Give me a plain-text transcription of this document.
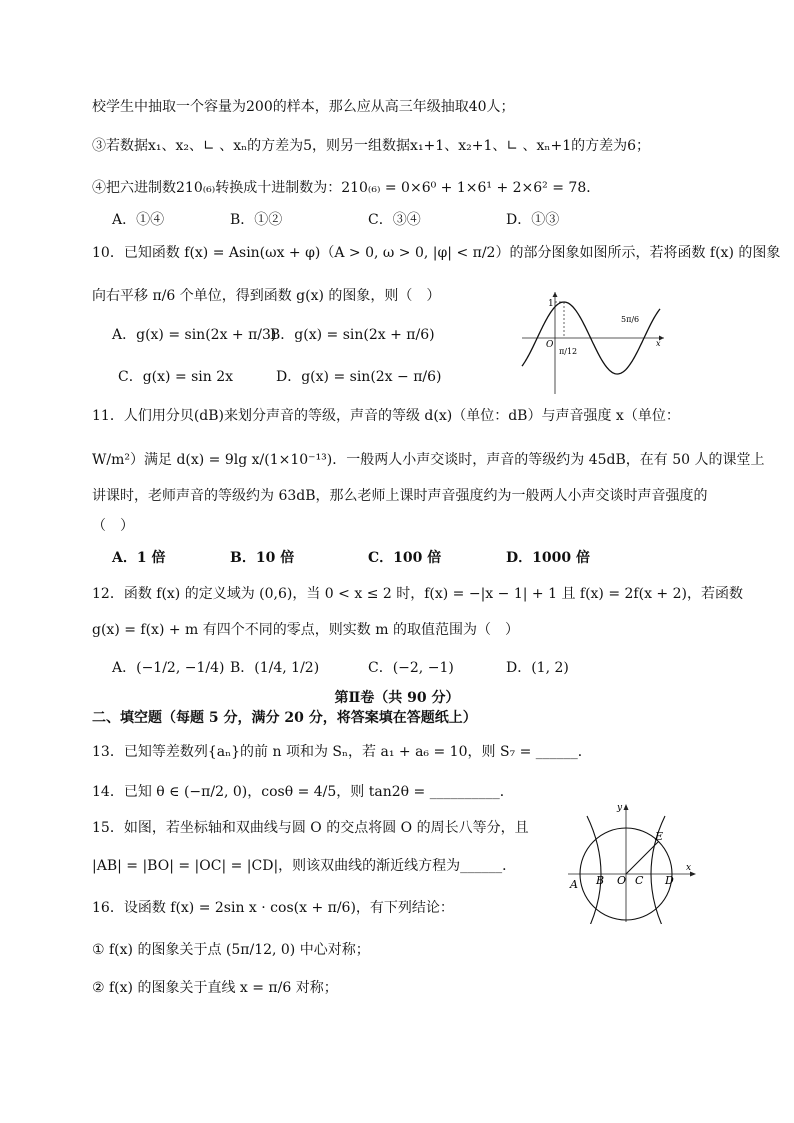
校学生中抽取一个容量为200的样本，那么应从高三年级抽取40人；
③若数据x₁、x₂、∟ 、xₙ的方差为5，则另一组数据x₁+1、x₂+1、∟ 、xₙ+1的方差为6；
④把六进制数210₍₆₎转换成十进制数为：210₍₆₎ = 0×6⁰ + 1×6¹ + 2×6² = 78．
A．①④	B．①②	C．③④	D．①③
10．已知函数 f(x) = Asin(ωx + φ)（A > 0, ω > 0, |φ| < π/2）的部分图象如图所示，若将函数 f(x) 的图象
向右平移 π/6 个单位，得到函数 g(x) 的图象，则（　）
A．g(x) = sin(2x + π/3)
B．g(x) = sin(2x + π/6)
C．g(x) = sin 2x	D．g(x) = sin(2x − π/6)
1
O	x
π/12
5π/6
11．人们用分贝(dB)来划分声音的等级，声音的等级 d(x)（单位：dB）与声音强度 x（单位：
W/m²）满足 d(x) = 9lg x/(1×10⁻¹³)．一般两人小声交谈时，声音的等级约为 45dB，在有 50 人的课堂上
讲课时，老师声音的等级约为 63dB，那么老师上课时声音强度约为一般两人小声交谈时声音强度的
（　）
A．1 倍	B．10 倍	C．100 倍	D．1000 倍
12．函数 f(x) 的定义域为 (0,6)，当 0 < x ≤ 2 时，f(x) = −|x − 1| + 1 且 f(x) = 2f(x + 2)，若函数
g(x) = f(x) + m 有四个不同的零点，则实数 m 的取值范围为（　）
A．(−1/2, −1/4) B．(1/4, 1/2)	C．(−2, −1)	D．(1, 2)
第Ⅱ卷（共 90 分）
二、填空题（每题 5 分，满分 20 分，将答案填在答题纸上）
13．已知等差数列{aₙ}的前 n 项和为 Sₙ，若 a₁ + a₆ = 10，则 S₇ = ______．
14．已知 θ ∈ (−π/2, 0)，cosθ = 4/5，则 tan2θ = __________．
15．如图，若坐标轴和双曲线与圆 O 的交点将圆 O 的周长八等分，且
|AB| = |BO| = |OC| = |CD|，则该双曲线的渐近线方程为______．
A B O C D
E
y
x
16．设函数 f(x) = 2sin x · cos(x + π/6)，有下列结论：
① f(x) 的图象关于点 (5π/12, 0) 中心对称；
② f(x) 的图象关于直线 x = π/6 对称；
